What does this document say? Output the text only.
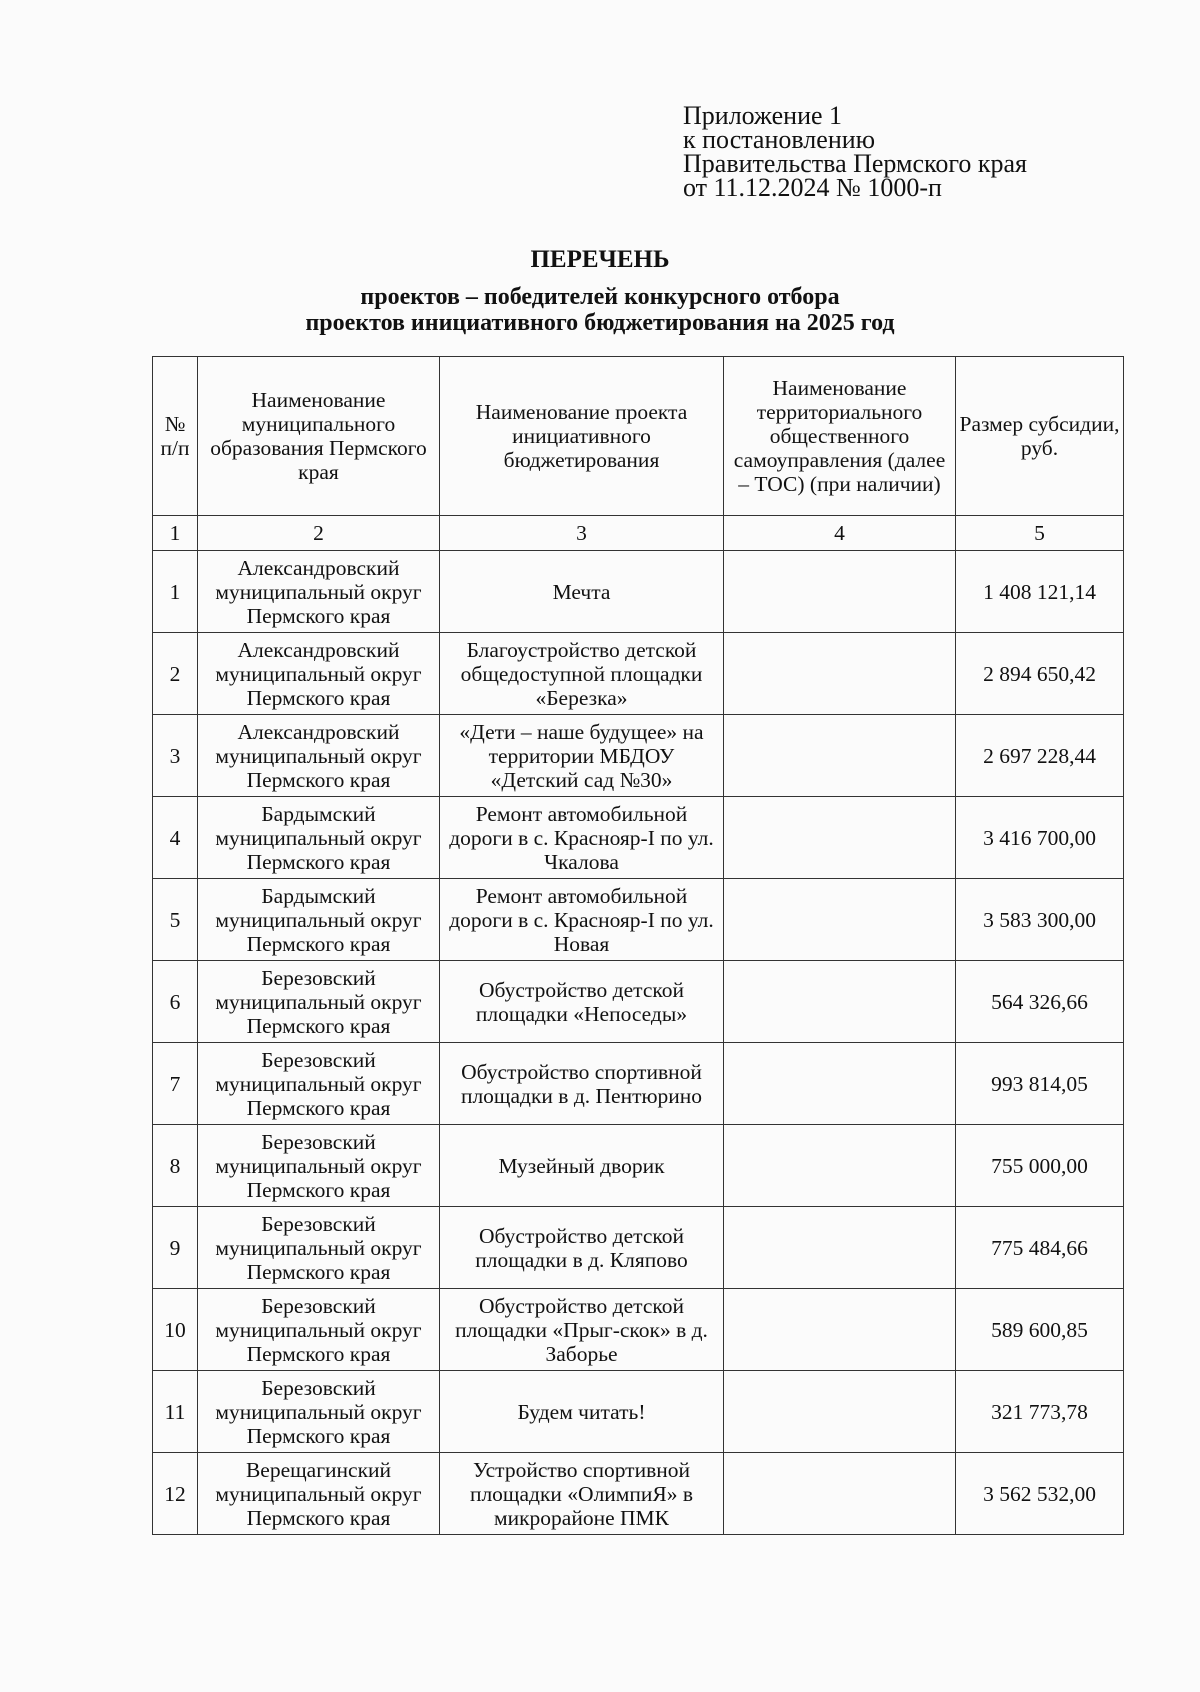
Приложение 1
к постановлению
Правительства Пермского края
от 11.12.2024 № 1000-п
ПЕРЕЧЕНЬ
проектов – победителей конкурсного отбора
проектов инициативного бюджетирования на 2025 год
№ п/п	Наименование муниципального образования Пермского края	Наименование проекта инициативного бюджетирования	Наименование территориального общественного самоуправления (далее – ТОС) (при наличии)	Размер субсидии, руб.
1	2	3	4	5
1	Александровский муниципальный округ Пермского края	Мечта		1 408 121,14
2	Александровский муниципальный округ Пермского края	Благоустройство детской общедоступной площадки «Березка»		2 894 650,42
3	Александровский муниципальный округ Пермского края	«Дети – наше будущее» на территории МБДОУ «Детский сад №30»		2 697 228,44
4	Бардымский муниципальный округ Пермского края	Ремонт автомобильной дороги в с. Краснояр-I по ул. Чкалова		3 416 700,00
5	Бардымский муниципальный округ Пермского края	Ремонт автомобильной дороги в с. Краснояр-I по ул. Новая		3 583 300,00
6	Березовский муниципальный округ Пермского края	Обустройство детской площадки «Непоседы»		564 326,66
7	Березовский муниципальный округ Пермского края	Обустройство спортивной площадки в д. Пентюрино		993 814,05
8	Березовский муниципальный округ Пермского края	Музейный дворик		755 000,00
9	Березовский муниципальный округ Пермского края	Обустройство детской площадки в д. Кляпово		775 484,66
10	Березовский муниципальный округ Пермского края	Обустройство детской площадки «Прыг-скок» в д. Заборье		589 600,85
11	Березовский муниципальный округ Пермского края	Будем читать!		321 773,78
12	Верещагинский муниципальный округ Пермского края	Устройство спортивной площадки «ОлимпиЯ» в микрорайоне ПМК		3 562 532,00
